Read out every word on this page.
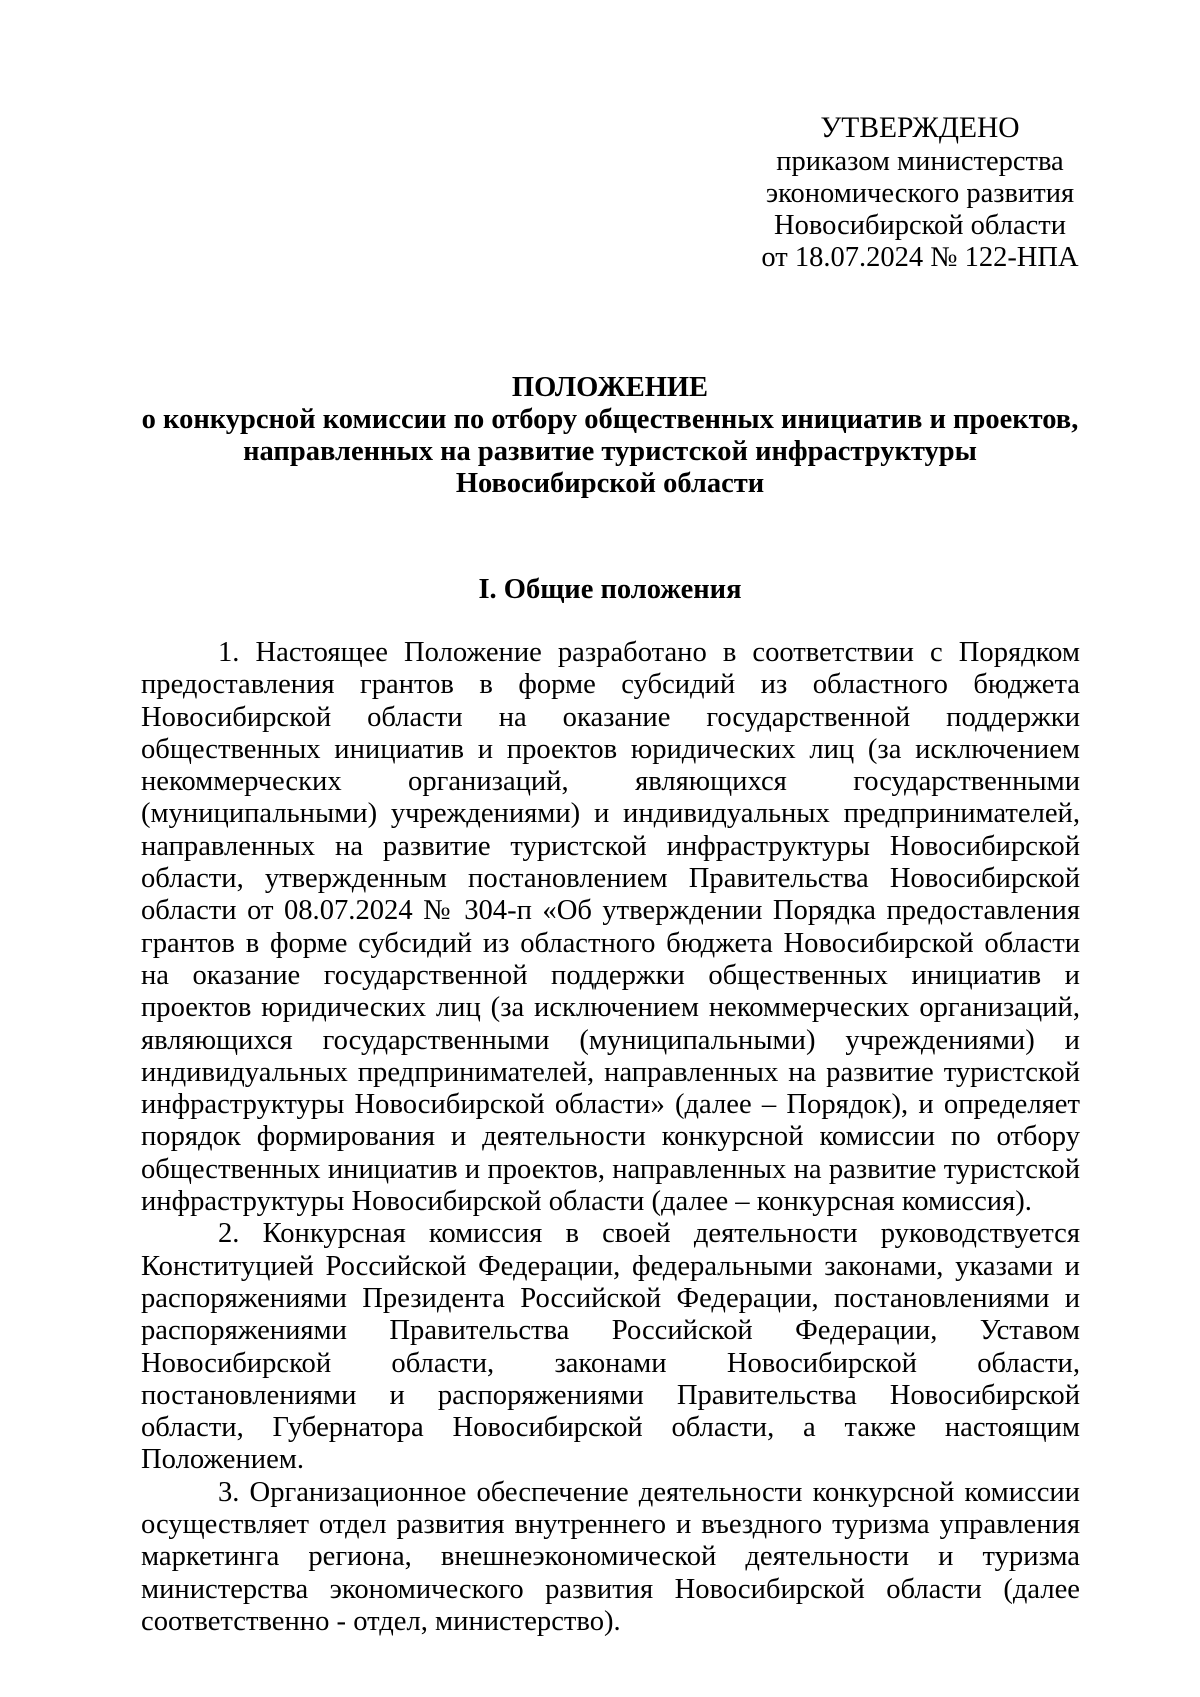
УТВЕРЖДЕНО
приказом министерства
экономического развития
Новосибирской области
от 18.07.2024 № 122-НПА
ПОЛОЖЕНИЕ
о конкурсной комиссии по отбору общественных инициатив и проектов,
направленных на развитие туристской инфраструктуры
Новосибирской области
I. Общие положения

1. Настоящее Положение разработано в соответствии с Порядком предоставления грантов в форме субсидий из областного бюджета Новосибирской области на оказание государственной поддержки общественных инициатив и проектов юридических лиц (за исключением некоммерческих организаций, являющихся государственными (муниципальными) учреждениями) и индивидуальных предпринимателей, направленных на развитие туристской инфраструктуры Новосибирской области, утвержденным постановлением Правительства Новосибирской области от 08.07.2024 № 304-п «Об утверждении Порядка предоставления грантов в форме субсидий из областного бюджета Новосибирской области на оказание государственной поддержки общественных инициатив и проектов юридических лиц (за исключением некоммерческих организаций, являющихся государственными (муниципальными) учреждениями) и индивидуальных предпринимателей, направленных на развитие туристской инфраструктуры Новосибирской области» (далее – Порядок), и определяет порядок формирования и деятельности конкурсной комиссии по отбору общественных инициатив и проектов, направленных на развитие туристской инфраструктуры Новосибирской области (далее – конкурсная комиссия).

2. Конкурсная комиссия в своей деятельности руководствуется Конституцией Российской Федерации, федеральными законами, указами и распоряжениями Президента Российской Федерации, постановлениями и распоряжениями Правительства Российской Федерации, Уставом Новосибирской области, законами Новосибирской области, постановлениями и распоряжениями Правительства Новосибирской области, Губернатора Новосибирской области, а также настоящим Положением.

3. Организационное обеспечение деятельности конкурсной комиссии осуществляет отдел развития внутреннего и въездного туризма управления маркетинга региона, внешнеэкономической деятельности и туризма министерства экономического развития Новосибирской области (далее соответственно - отдел, министерство).
